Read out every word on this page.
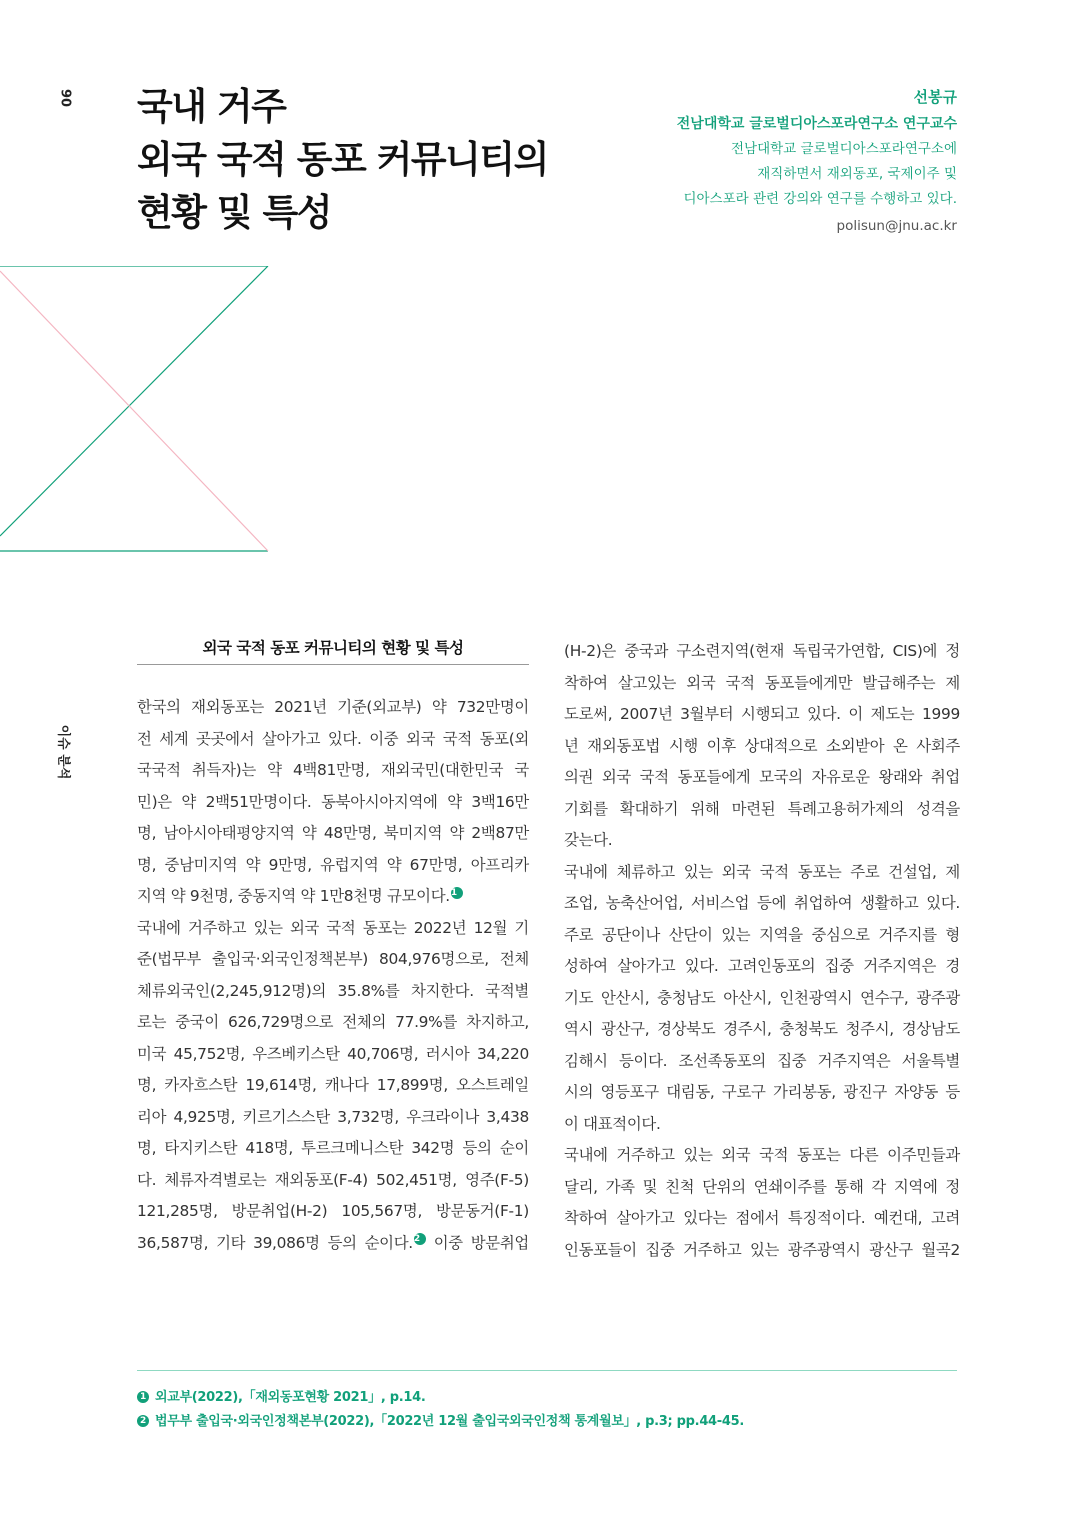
90
이슈 분석
국내 거주
외국 국적 동포 커뮤니티의
현황 및 특성
선봉규
전남대학교 글로벌디아스포라연구소 연구교수
전남대학교 글로벌디아스포라연구소에
재직하면서 재외동포, 국제이주 및
디아스포라 관련 강의와 연구를 수행하고 있다.
polisun@jnu.ac.kr
외국 국적 동포 커뮤니티의 현황 및 특성

한국의 재외동포는 2021년 기준(외교부) 약 732만명이
전 세계 곳곳에서 살아가고 있다. 이중 외국 국적 동포(외
국국적 취득자)는 약 4백81만명, 재외국민(대한민국 국
민)은 약 2백51만명이다. 동북아시아지역에 약 3백16만
명, 남아시아태평양지역 약 48만명, 북미지역 약 2백87만
명, 중남미지역 약 9만명, 유럽지역 약 67만명, 아프리카
지역 약 9천명, 중동지역 약 1만8천명 규모이다.1

국내에 거주하고 있는 외국 국적 동포는 2022년 12월 기
준(법무부 출입국·외국인정책본부) 804,976명으로, 전체
체류외국인(2,245,912명)의 35.8%를 차지한다. 국적별
로는 중국이 626,729명으로 전체의 77.9%를 차지하고,
미국 45,752명, 우즈베키스탄 40,706명, 러시아 34,220
명, 카자흐스탄 19,614명, 캐나다 17,899명, 오스트레일
리아 4,925명, 키르기스스탄 3,732명, 우크라이나 3,438
명, 타지키스탄 418명, 투르크메니스탄 342명 등의 순이
다. 체류자격별로는 재외동포(F-4) 502,451명, 영주(F-5)
121,285명, 방문취업(H-2) 105,567명, 방문동거(F-1)
36,587명, 기타 39,086명 등의 순이다.2 이중 방문취업

(H-2)은 중국과 구소련지역(현재 독립국가연합, CIS)에 정
착하여 살고있는 외국 국적 동포들에게만 발급해주는 제
도로써, 2007년 3월부터 시행되고 있다. 이 제도는 1999
년 재외동포법 시행 이후 상대적으로 소외받아 온 사회주
의권 외국 국적 동포들에게 모국의 자유로운 왕래와 취업
기회를 확대하기 위해 마련된 특례고용허가제의 성격을
갖는다.

국내에 체류하고 있는 외국 국적 동포는 주로 건설업, 제
조업, 농축산어업, 서비스업 등에 취업하여 생활하고 있다.
주로 공단이나 산단이 있는 지역을 중심으로 거주지를 형
성하여 살아가고 있다. 고려인동포의 집중 거주지역은 경
기도 안산시, 충청남도 아산시, 인천광역시 연수구, 광주광
역시 광산구, 경상북도 경주시, 충청북도 청주시, 경상남도
김해시 등이다. 조선족동포의 집중 거주지역은 서울특별
시의 영등포구 대림동, 구로구 가리봉동, 광진구 자양동 등
이 대표적이다.

국내에 거주하고 있는 외국 국적 동포는 다른 이주민들과
달리, 가족 및 친척 단위의 연쇄이주를 통해 각 지역에 정
착하여 살아가고 있다는 점에서 특징적이다. 예컨대, 고려
인동포들이 집중 거주하고 있는 광주광역시 광산구 월곡2

1 외교부(2022),「재외동포현황 2021」, p.14.
2 법무부 출입국·외국인정책본부(2022),「2022년 12월 출입국외국인정책 통계월보」, p.3; pp.44-45.
